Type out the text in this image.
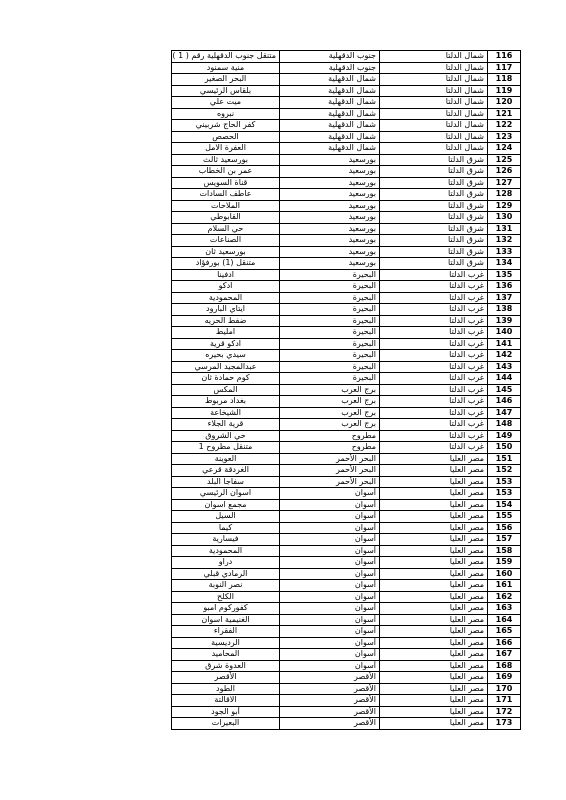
متنقل جنوب الدقهلية رقم ( 1 )	جنوب الدقهلية	شمال الدلتا	116
منية سمنود	جنوب الدقهلية	شمال الدلتا	117
البحر الصغير	شمال الدقهلية	شمال الدلتا	118
بلقاس الرئيسي	شمال الدقهلية	شمال الدلتا	119
ميت علي	شمال الدقهلية	شمال الدلتا	120
نبروه	شمال الدقهلية	شمال الدلتا	121
كفر الحاج شربيني	شمال الدقهلية	شمال الدلتا	122
الحصص	شمال الدقهلية	شمال الدلتا	123
العفرة الامل	شمال الدقهلية	شمال الدلتا	124
بورسعيد ثالث	بورسعيد	شرق الدلتا	125
عمر بن الخطاب	بورسعيد	شرق الدلتا	126
قناة السويس	بورسعيد	شرق الدلتا	127
عاطف السادات	بورسعيد	شرق الدلتا	128
الملاحات	بورسعيد	شرق الدلتا	129
القابوطي	بورسعيد	شرق الدلتا	130
حي السلام	بورسعيد	شرق الدلتا	131
الصناعات	بورسعيد	شرق الدلتا	132
بورسعيد ثان	بورسعيد	شرق الدلتا	133
متنقل (1) بورفؤاد	بورسعيد	شرق الدلتا	134
ادفينا	البحيرة	غرب الدلتا	135
ادكو	البحيرة	غرب الدلتا	136
المحمودية	البحيرة	غرب الدلتا	137
ايتاي البارود	البحيرة	غرب الدلتا	138
ضفط الحريه	البحيرة	غرب الدلتا	139
امليط	البحيرة	غرب الدلتا	140
ادكو قرية	البحيرة	غرب الدلتا	141
سيدي بحيره	البحيرة	غرب الدلتا	142
عبدالمجيد المرسي	البحيرة	غرب الدلتا	143
كوم حمادة ثان	البحيرة	غرب الدلتا	144
المكس	برج العرب	غرب الدلتا	145
بغداد مربوط	برج العرب	غرب الدلتا	146
الشيخاعة	برج العرب	غرب الدلتا	147
قرية الجلاء	برج العرب	غرب الدلتا	148
حي الشروق	مطروح	غرب الدلتا	149
متنقل مطروح 1	مطروح	غرب الدلتا	150
العوينة	البحر الأحمر	مصر العليا	151
الغردقة قرعي	البحر الأحمر	مصر العليا	152
سفاجا البلد	البحر الأحمر	مصر العليا	153
اسوان الرئيسي	أسوان	مصر العليا	153
مجمع اسوان	أسوان	مصر العليا	154
السيل	أسوان	مصر العليا	155
كيما	أسوان	مصر العليا	156
فيسارية	أسوان	مصر العليا	157
المحمودية	أسوان	مصر العليا	158
دراو	أسوان	مصر العليا	159
الرمادي قبلي	أسوان	مصر العليا	160
نصر النوبة	أسوان	مصر العليا	161
الكلح	أسوان	مصر العليا	162
كفوركوم امبو	أسوان	مصر العليا	163
الغنيمية اسوان	أسوان	مصر العليا	164
الفقراء	أسوان	مصر العليا	165
الرديسية	أسوان	مصر العليا	166
المحاميد	أسوان	مصر العليا	167
العدوة شرق	أسوان	مصر العليا	168
الأقصر	الأقصر	مصر العليا	169
الطود	الأقصر	مصر العليا	170
الاقالتة	الأقصر	مصر العليا	171
أبو الجود	الأقصر	مصر العليا	172
البعيرات	الأقصر	مصر العليا	173
